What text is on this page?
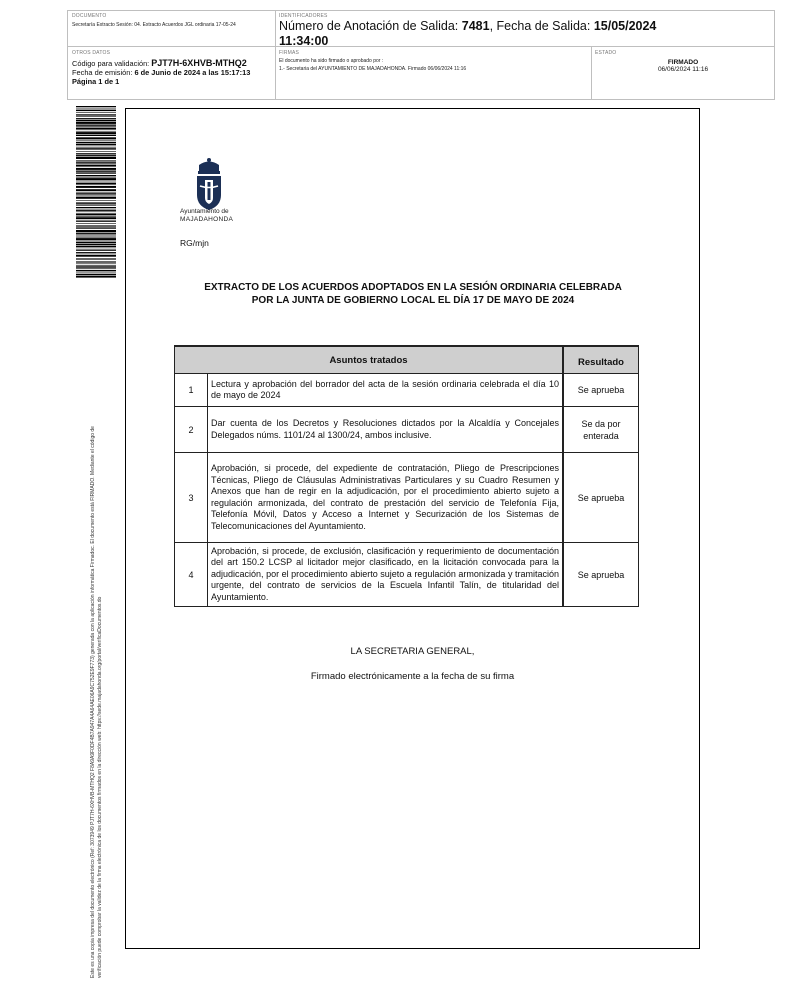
DOCUMENTO
Secretaría Extracto Sesión: 04. Extracto Acuerdos JGL ordinaria 17-05-24
IDENTIFICADORES
Número de Anotación de Salida: 7481, Fecha de Salida: 15/05/2024
11:34:00
OTROS DATOS
Código para validación: PJT7H-6XHVB-MTHQ2
Fecha de emisión: 6 de Junio de 2024 a las 15:17:13
Página 1 de 1
FIRMAS
El documento ha sido firmado o aprobado por :
1.- Secretaria del AYUNTAMIENTO DE MAJADAHONDA. Firmado 06/06/2024 11:16
ESTADO
FIRMADO
06/06/2024 11:16
Este es una copia impresa del documento electrónico (Ref: 3073949 PJT7H-6XHVB-MTHQ2 F8A9A9F0DF4B7A947A4A64AE06A9C752E9F773) generada con la aplicación informática Firmadoc. El documento está FIRMADO. Mediante el código de verificación puede comprobar la validez de la firma electrónica de los documentos firmados en la dirección web: https://sede.majadahonda.org/portal/verificaDocumentos.do
Ayuntamiento de
MAJADAHONDA
RG/mjn
EXTRACTO DE LOS ACUERDOS ADOPTADOS EN LA SESIÓN ORDINARIA CELEBRADA
POR LA JUNTA DE GOBIERNO LOCAL EL DÍA 17 DE MAYO DE 2024
Asuntos tratados		Resultado
1	Lectura y aprobación del borrador del acta de la sesión ordinaria celebrada el día 10 de mayo de 2024	Se aprueba
2	Dar cuenta de los Decretos y Resoluciones dictados por la Alcaldía y Concejales Delegados núms. 1101/24 al 1300/24, ambos inclusive.	Se da por enterada
3	Aprobación, si procede, del expediente de contratación, Pliego de Prescripciones Técnicas, Pliego de Cláusulas Administrativas Particulares y su Cuadro Resumen y Anexos que han de regir en la adjudicación, por el procedimiento abierto sujeto a regulación armonizada, del contrato de prestación del servicio de Telefonía Fija, Telefonía Móvil, Datos y Acceso a Internet y Securización de los Sistemas de Telecomunicaciones del Ayuntamiento.	Se aprueba
4	Aprobación, si procede, de exclusión, clasificación y requerimiento de documentación del art 150.2 LCSP al licitador mejor clasificado, en la licitación convocada para la adjudicación, por el procedimiento abierto sujeto a regulación armonizada y tramitación urgente, del contrato de servicios de la Escuela Infantil Talín, de titularidad del Ayuntamiento.	Se aprueba
LA SECRETARIA GENERAL,
Firmado electrónicamente a la fecha de su firma
